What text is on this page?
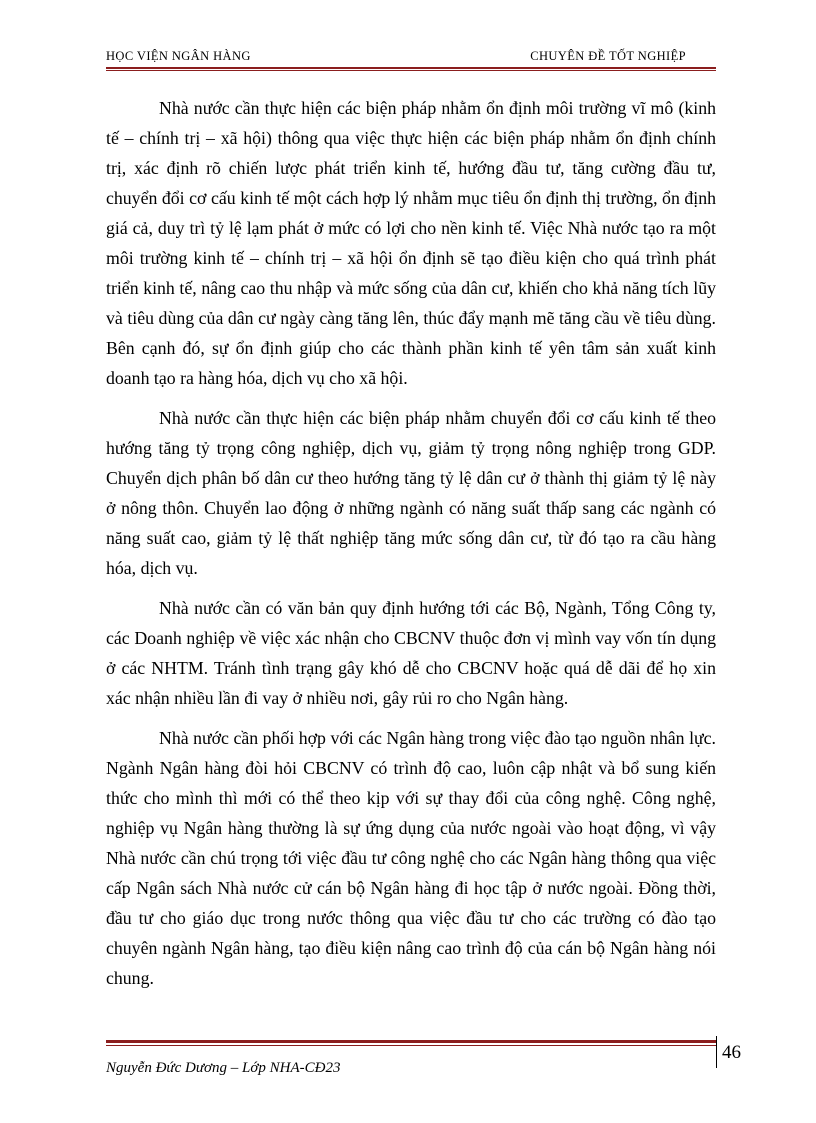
HỌC VIỆN NGÂN HÀNG	CHUYÊN ĐỀ TỐT NGHIỆP

Nhà nước cần thực hiện các biện pháp nhằm ổn định môi trường vĩ mô (kinh tế – chính trị – xã hội) thông qua việc thực hiện các biện pháp nhằm ổn định chính trị, xác định rõ chiến lược phát triển kinh tế, hướng đầu tư, tăng cường đầu tư, chuyển đổi cơ cấu kinh tế một cách hợp lý nhằm mục tiêu ổn định thị trường, ổn định giá cả, duy trì tỷ lệ lạm phát ở mức có lợi cho nền kinh tế. Việc Nhà nước tạo ra một môi trường kinh tế – chính trị – xã hội ổn định sẽ tạo điều kiện cho quá trình phát triển kinh tế, nâng cao thu nhập và mức sống của dân cư, khiến cho khả năng tích lũy và tiêu dùng của dân cư ngày càng tăng lên, thúc đẩy mạnh mẽ tăng cầu về tiêu dùng. Bên cạnh đó, sự ổn định giúp cho các thành phần kinh tế yên tâm sản xuất kinh doanh tạo ra hàng hóa, dịch vụ cho xã hội.

Nhà nước cần thực hiện các biện pháp nhằm chuyển đổi cơ cấu kinh tế theo hướng tăng tỷ trọng công nghiệp, dịch vụ, giảm tỷ trọng nông nghiệp trong GDP. Chuyển dịch phân bố dân cư theo hướng tăng tỷ lệ dân cư ở thành thị giảm tỷ lệ này ở nông thôn. Chuyển lao động ở những ngành có năng suất thấp sang các ngành có năng suất cao, giảm tỷ lệ thất nghiệp tăng mức sống dân cư, từ đó tạo ra cầu hàng hóa, dịch vụ.

Nhà nước cần có văn bản quy định hướng tới các Bộ, Ngành, Tổng Công ty, các Doanh nghiệp về việc xác nhận cho CBCNV thuộc đơn vị mình vay vốn tín dụng ở các NHTM. Tránh tình trạng gây khó dễ cho CBCNV hoặc quá dễ dãi để họ xin xác nhận nhiều lần đi vay ở nhiều nơi, gây rủi ro cho Ngân hàng.

Nhà nước cần phối hợp với các Ngân hàng trong việc đào tạo nguồn nhân lực. Ngành Ngân hàng đòi hỏi CBCNV có trình độ cao, luôn cập nhật và bổ sung kiến thức cho mình thì mới có thể theo kịp với sự thay đổi của công nghệ. Công nghệ, nghiệp vụ Ngân hàng thường là sự ứng dụng của nước ngoài vào hoạt động, vì vậy Nhà nước cần chú trọng tới việc đầu tư công nghệ cho các Ngân hàng thông qua việc cấp Ngân sách Nhà nước cử cán bộ Ngân hàng đi học tập ở nước ngoài. Đồng thời, đầu tư cho giáo dục trong nước thông qua việc đầu tư cho các trường có đào tạo chuyên ngành Ngân hàng, tạo điều kiện nâng cao trình độ của cán bộ Ngân hàng nói chung.

46
Nguyễn Đức Dương – Lớp NHA-CĐ23
